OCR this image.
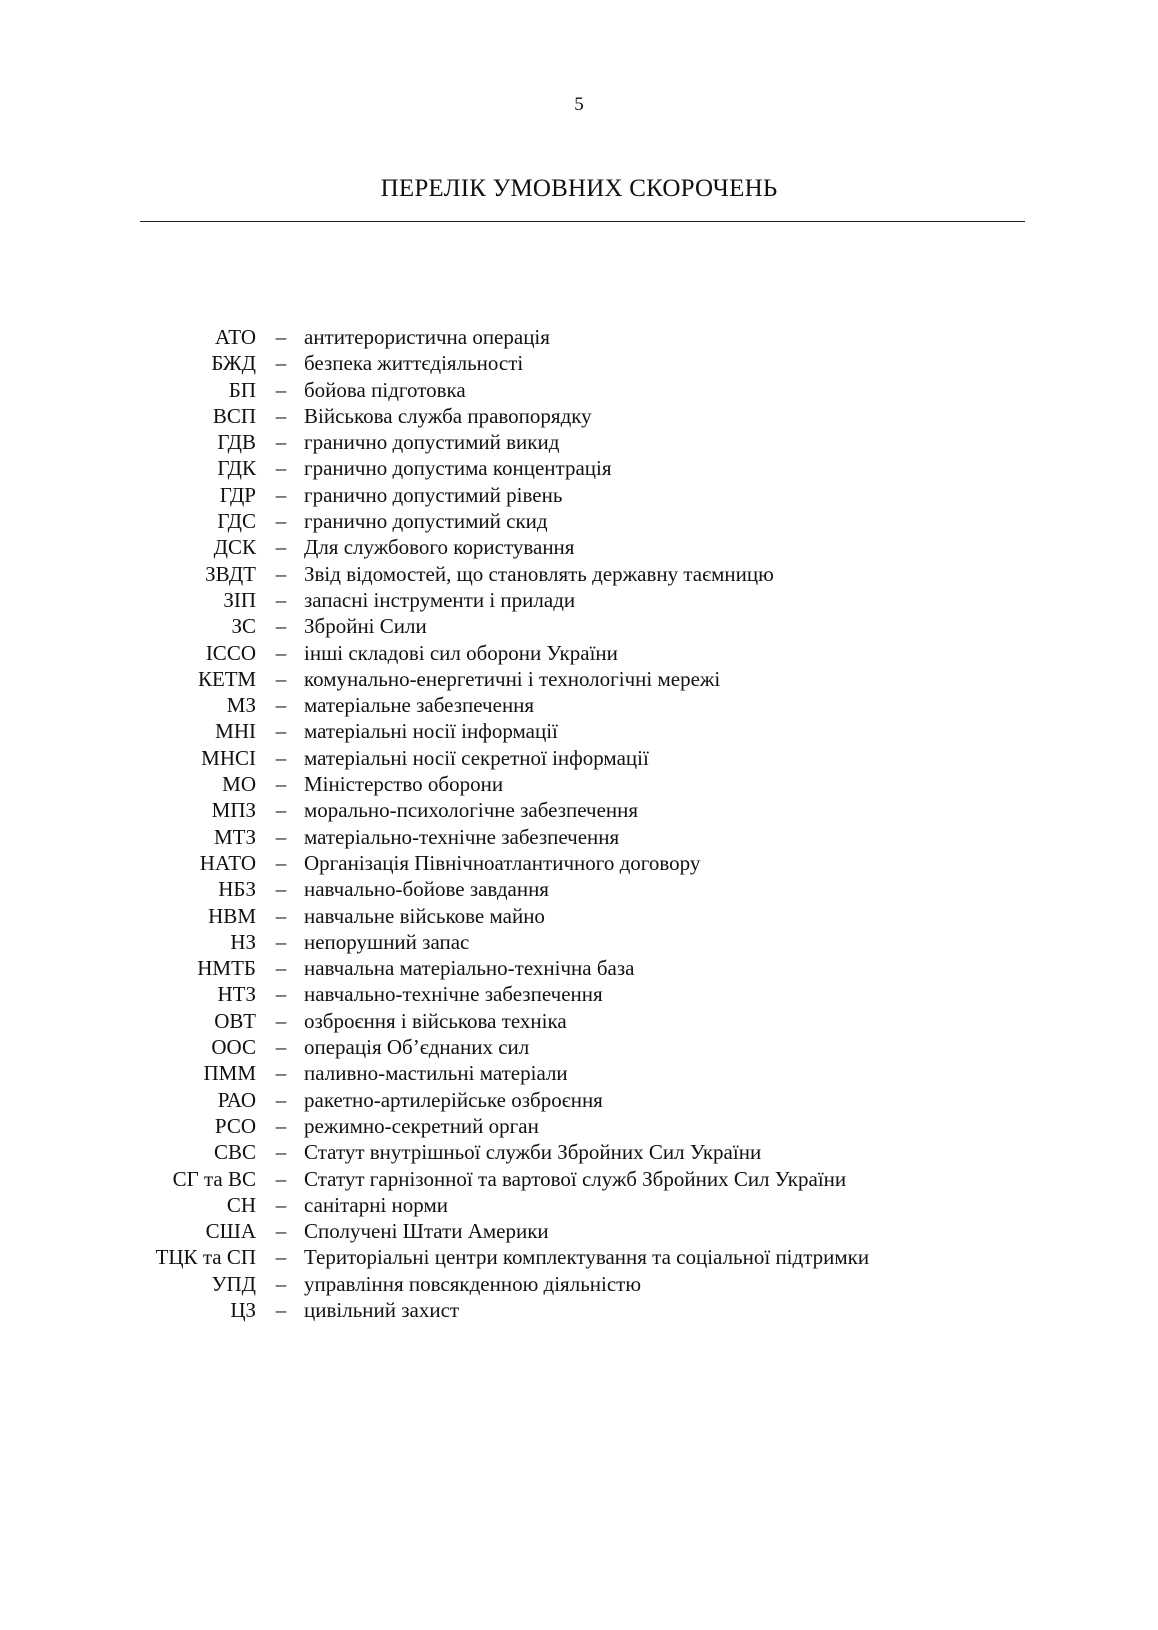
5
ПЕРЕЛІК УМОВНИХ СКОРОЧЕНЬ
АТО – антитерористична операція
БЖД – безпека життєдіяльності
БП – бойова підготовка
ВСП – Військова служба правопорядку
ГДВ – гранично допустимий викид
ГДК – гранично допустима концентрація
ГДР – гранично допустимий рівень
ГДС – гранично допустимий скид
ДСК – Для службового користування
ЗВДТ – Звід відомостей, що становлять державну таємницю
ЗІП – запасні інструменти і прилади
ЗС – Збройні Сили
ІССО – інші складові сил оборони України
КЕТМ – комунально-енергетичні і технологічні мережі
МЗ – матеріальне забезпечення
МНІ – матеріальні носії інформації
МНСІ – матеріальні носії секретної інформації
МО – Міністерство оборони
МПЗ – морально-психологічне забезпечення
МТЗ – матеріально-технічне забезпечення
НАТО – Організація Північноатлантичного договору
НБЗ – навчально-бойове завдання
НВМ – навчальне військове майно
НЗ – непорушний запас
НМТБ – навчальна матеріально-технічна база
НТЗ – навчально-технічне забезпечення
ОВТ – озброєння і військова техніка
ООС – операція Об’єднаних сил
ПММ – паливно-мастильні матеріали
РАО – ракетно-артилерійське озброєння
РСО – режимно-секретний орган
СВС – Статут внутрішньої служби Збройних Сил України
СГ та ВС – Статут гарнізонної та вартової служб Збройних Сил України
СН – санітарні норми
США – Сполучені Штати Америки
ТЦК та СП – Територіальні центри комплектування та соціальної підтримки
УПД – управління повсякденною діяльністю
ЦЗ – цивільний захист
